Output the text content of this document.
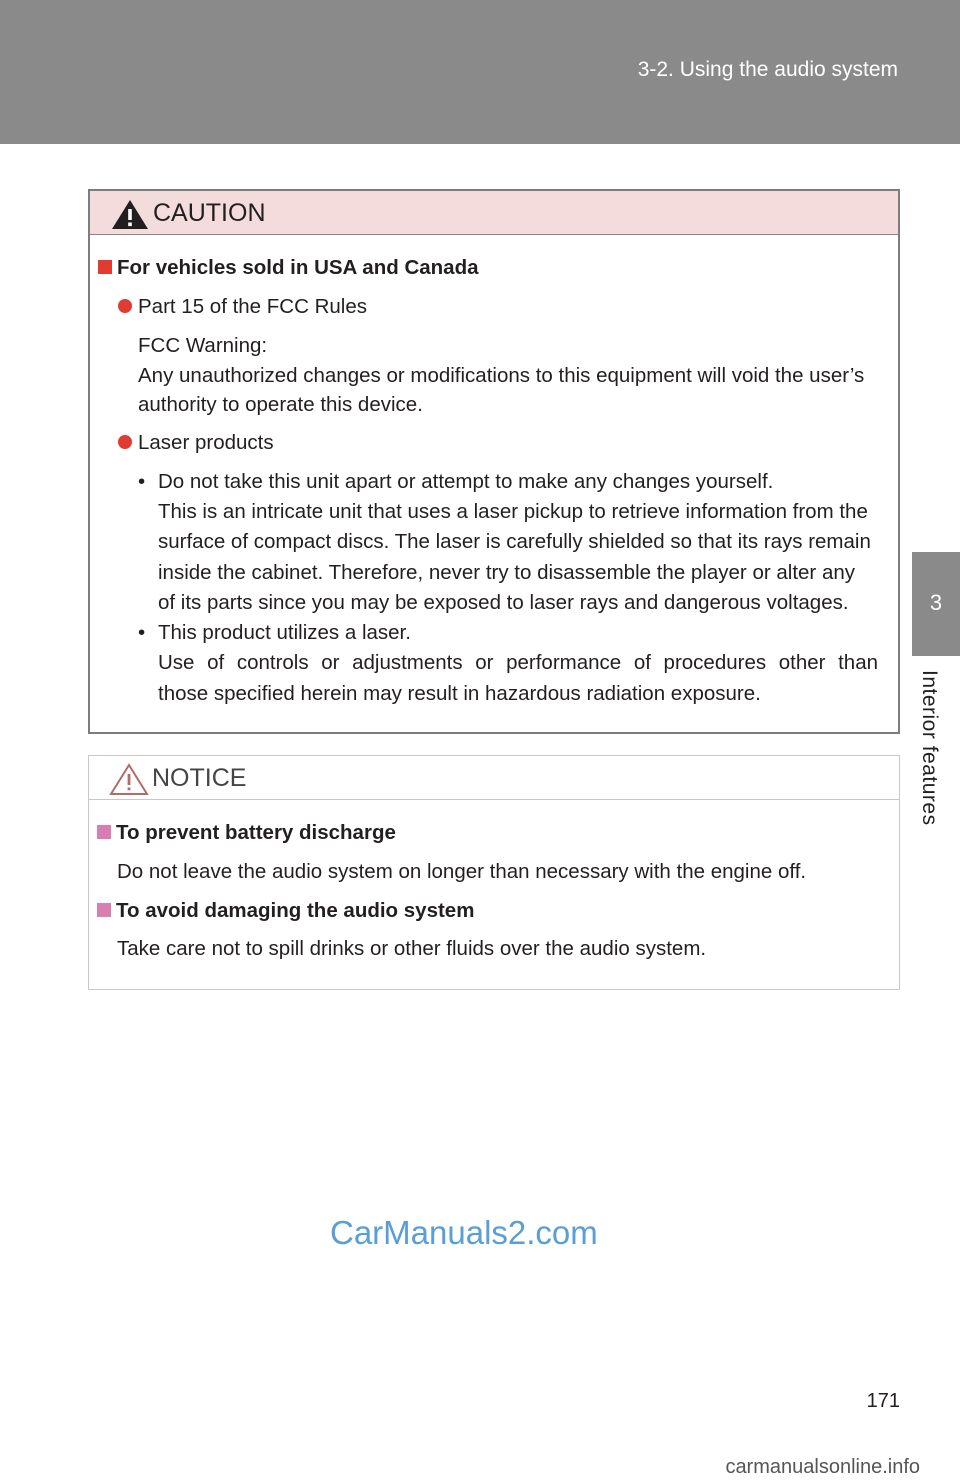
3-2. Using the audio system
3
Interior features
CAUTION
For vehicles sold in USA and Canada
Part 15 of the FCC Rules
FCC Warning:
Any unauthorized changes or modifications to this equipment will void the user’s
authority to operate this device.
Laser products
• Do not take this unit apart or attempt to make any changes yourself.
This is an intricate unit that uses a laser pickup to retrieve information from the
surface of compact discs. The laser is carefully shielded so that its rays remain
inside the cabinet. Therefore, never try to disassemble the player or alter any
of its parts since you may be exposed to laser rays and dangerous voltages.
• This product utilizes a laser.
Use of controls or adjustments or performance of procedures other than
those specified herein may result in hazardous radiation exposure.
NOTICE
To prevent battery discharge
Do not leave the audio system on longer than necessary with the engine off.
To avoid damaging the audio system
Take care not to spill drinks or other fluids over the audio system.
CarManuals2.com
171
carmanualsonline.info
